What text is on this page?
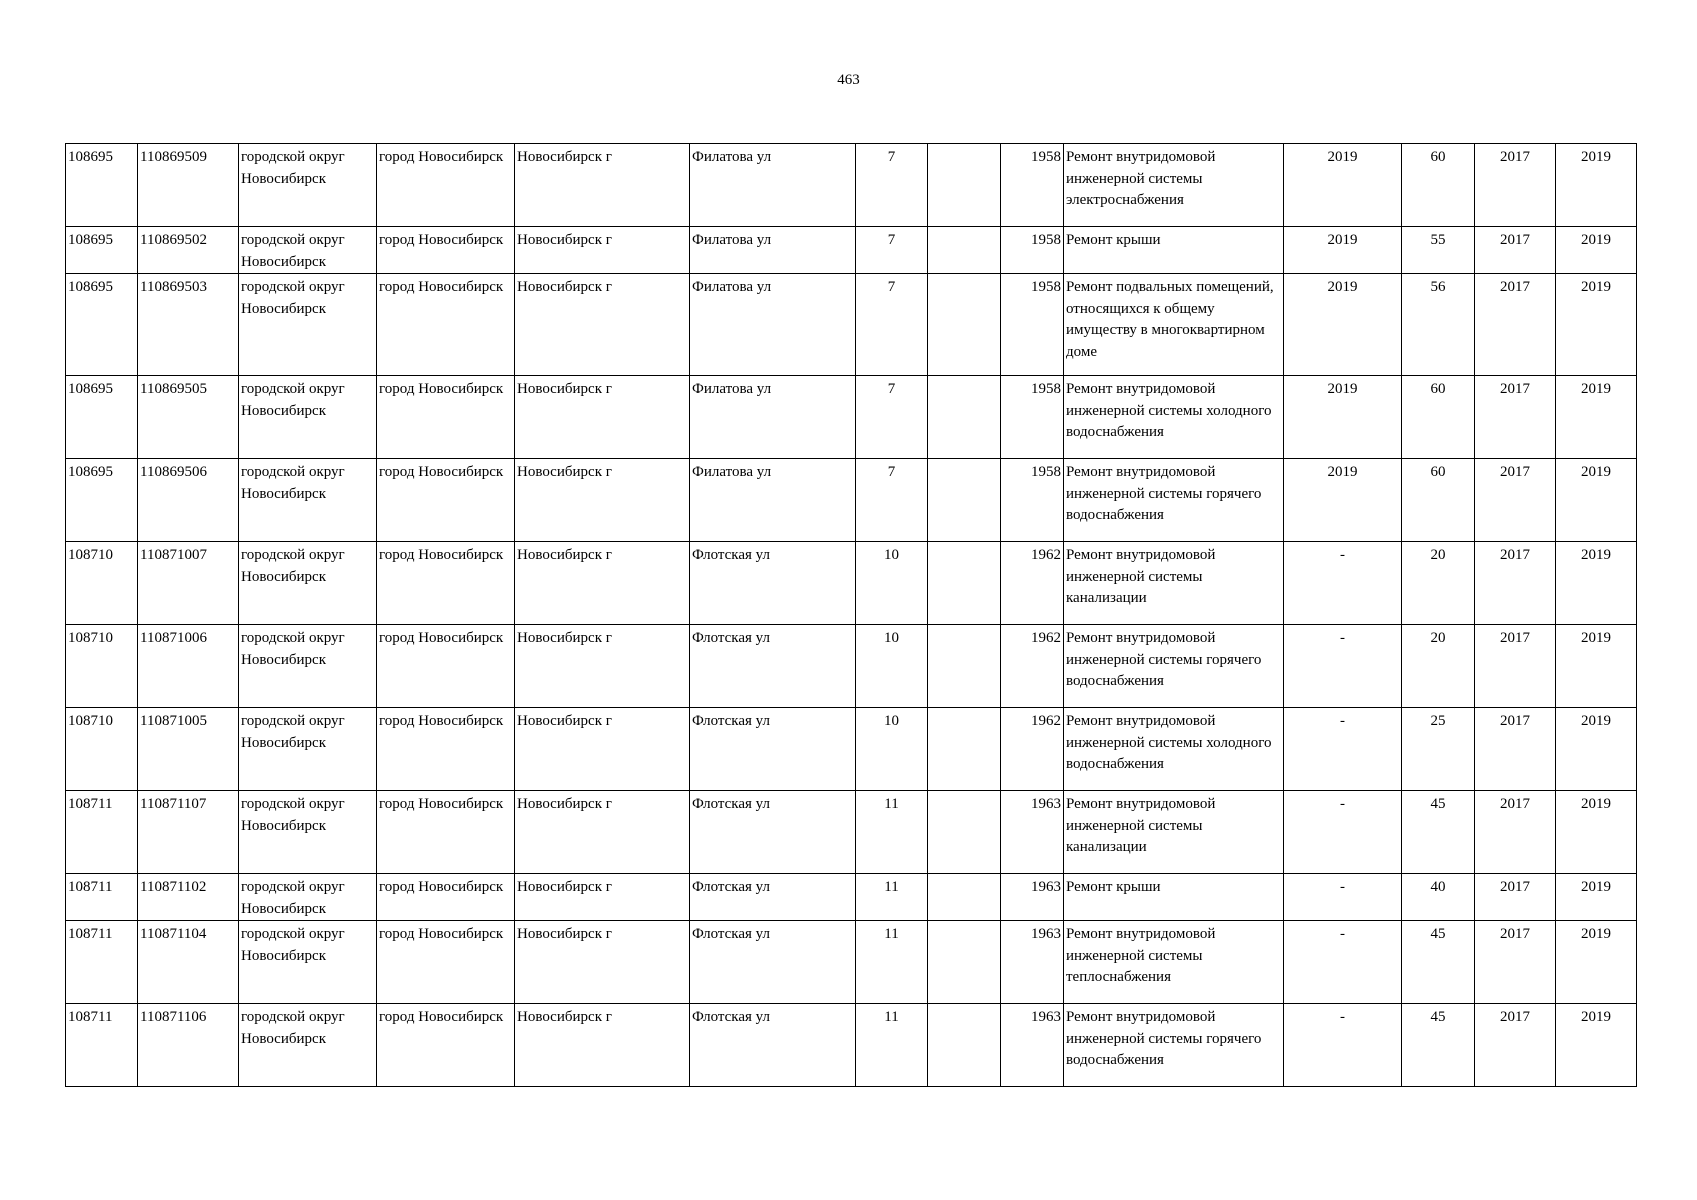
463
108695	110869509	городской округ Новосибирск	город Новосибирск	Новосибирск г	Филатова ул	7		1958	Ремонт внутридомовой инженерной системы электроснабжения	2019	60	2017	2019
108695	110869502	городской округ Новосибирск	город Новосибирск	Новосибирск г	Филатова ул	7		1958	Ремонт крыши	2019	55	2017	2019
108695	110869503	городской округ Новосибирск	город Новосибирск	Новосибирск г	Филатова ул	7		1958	Ремонт подвальных помещений, относящихся к общему имуществу в многоквартирном доме	2019	56	2017	2019
108695	110869505	городской округ Новосибирск	город Новосибирск	Новосибирск г	Филатова ул	7		1958	Ремонт внутридомовой инженерной системы холодного водоснабжения	2019	60	2017	2019
108695	110869506	городской округ Новосибирск	город Новосибирск	Новосибирск г	Филатова ул	7		1958	Ремонт внутридомовой инженерной системы горячего водоснабжения	2019	60	2017	2019
108710	110871007	городской округ Новосибирск	город Новосибирск	Новосибирск г	Флотская ул	10		1962	Ремонт внутридомовой инженерной системы канализации	-	20	2017	2019
108710	110871006	городской округ Новосибирск	город Новосибирск	Новосибирск г	Флотская ул	10		1962	Ремонт внутридомовой инженерной системы горячего водоснабжения	-	20	2017	2019
108710	110871005	городской округ Новосибирск	город Новосибирск	Новосибирск г	Флотская ул	10		1962	Ремонт внутридомовой инженерной системы холодного водоснабжения	-	25	2017	2019
108711	110871107	городской округ Новосибирск	город Новосибирск	Новосибирск г	Флотская ул	11		1963	Ремонт внутридомовой инженерной системы канализации	-	45	2017	2019
108711	110871102	городской округ Новосибирск	город Новосибирск	Новосибирск г	Флотская ул	11		1963	Ремонт крыши	-	40	2017	2019
108711	110871104	городской округ Новосибирск	город Новосибирск	Новосибирск г	Флотская ул	11		1963	Ремонт внутридомовой инженерной системы теплоснабжения	-	45	2017	2019
108711	110871106	городской округ Новосибирск	город Новосибирск	Новосибирск г	Флотская ул	11		1963	Ремонт внутридомовой инженерной системы горячего водоснабжения	-	45	2017	2019
